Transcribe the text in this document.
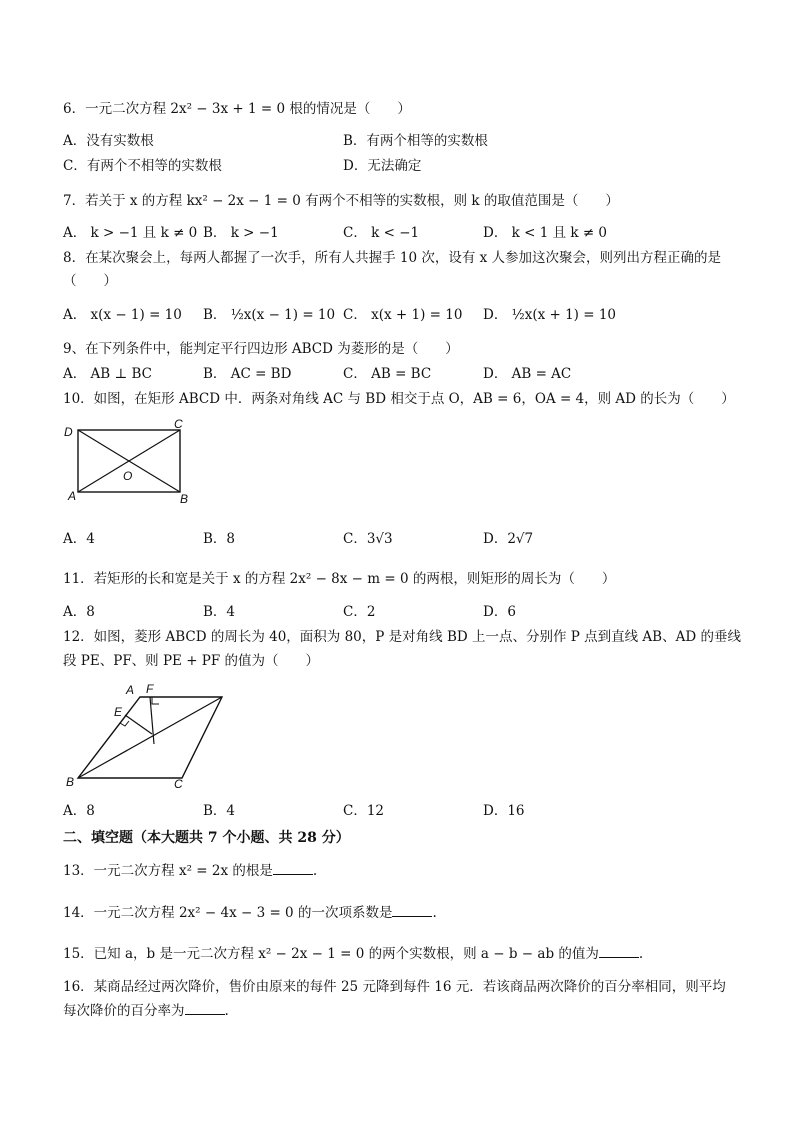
6．一元二次方程 2x² − 3x + 1 = 0 根的情况是（　　）
A．没有实数根	B．有两个相等的实数根
C．有两个不相等的实数根	D．无法确定
7．若关于 x 的方程 kx² − 2x − 1 = 0 有两个不相等的实数根，则 k 的取值范围是（　　）
A． k > −1 且 k ≠ 0 B． k > −1	C． k < −1	D． k < 1 且 k ≠ 0
8．在某次聚会上，每两人都握了一次手，所有人共握手 10 次，设有 x 人参加这次聚会，则列出方程正确的是
（　　）
A． x(x − 1) = 10 B． ½x(x − 1) = 10 C． x(x + 1) = 10 D． ½x(x + 1) = 10
9、在下列条件中，能判定平行四边形 ABCD 为菱形的是（　　）
A． AB ⊥ BC	B． AC = BD	C． AB = BC	D． AB = AC
10．如图，在矩形 ABCD 中．两条对角线 AC 与 BD 相交于点 O，AB = 6，OA = 4，则 AD 的长为（　　）
D
C
O
A	B
A．4	B．8	C．3√3	D．2√7
11．若矩形的长和宽是关于 x 的方程 2x² − 8x − m = 0 的两根，则矩形的周长为（　　）
A．8	B．4	C．2	D．6
12．如图，菱形 ABCD 的周长为 40，面积为 80，P 是对角线 BD 上一点、分别作 P 点到直线 AB、AD 的垂线
段 PE、PF、则 PE + PF 的值为（　　）
A F
E
B	C
A．8	B．4	C．12	D．16
二、填空题（本大题共 7 个小题、共 28 分）
13．一元二次方程 x² = 2x 的根是	.
14．一元二次方程 2x² − 4x − 3 = 0 的一次项系数是	.
15．已知 a，b 是一元二次方程 x² − 2x − 1 = 0 的两个实数根，则 a − b − ab 的值为	.
16．某商品经过两次降价，售价由原来的每件 25 元降到每件 16 元．若该商品两次降价的百分率相同，则平均
每次降价的百分率为	.
